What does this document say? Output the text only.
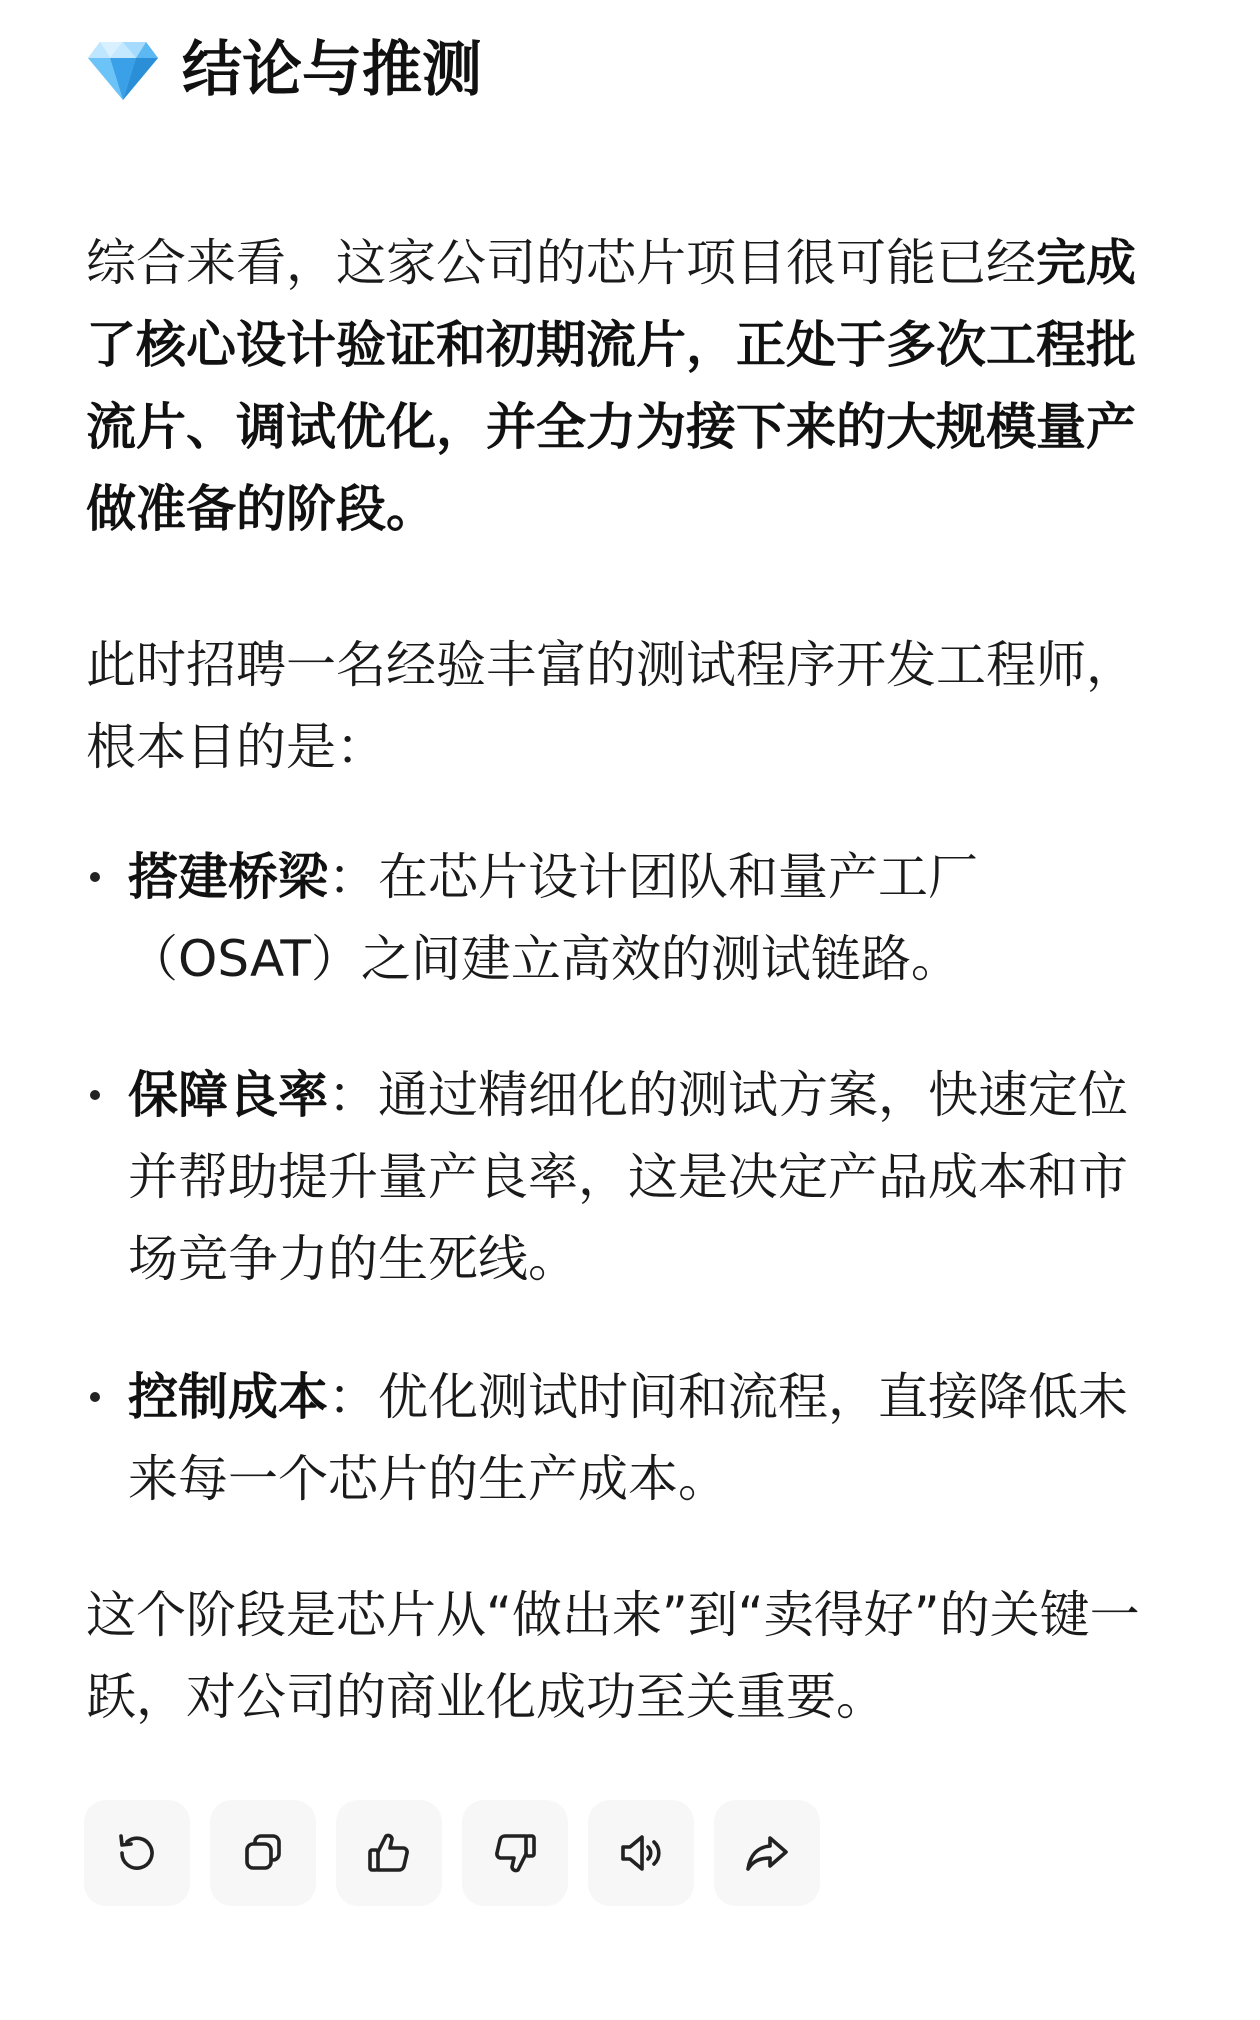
结论与推测
综合来看，这家公司的芯片项目很可能已经完成了核心设计验证和初期流片，正处于多次工程批流片、调试优化，并全力为接下来的大规模量产做准备的阶段。
此时招聘一名经验丰富的测试程序开发工程师，根本目的是：
搭建桥梁：在芯片设计团队和量产工厂（OSAT）之间建立高效的测试链路。
保障良率：通过精细化的测试方案，快速定位并帮助提升量产良率，这是决定产品成本和市场竞争力的生死线。
控制成本：优化测试时间和流程，直接降低未来每一个芯片的生产成本。
这个阶段是芯片从“做出来”到“卖得好”的关键一跃，对公司的商业化成功至关重要。
